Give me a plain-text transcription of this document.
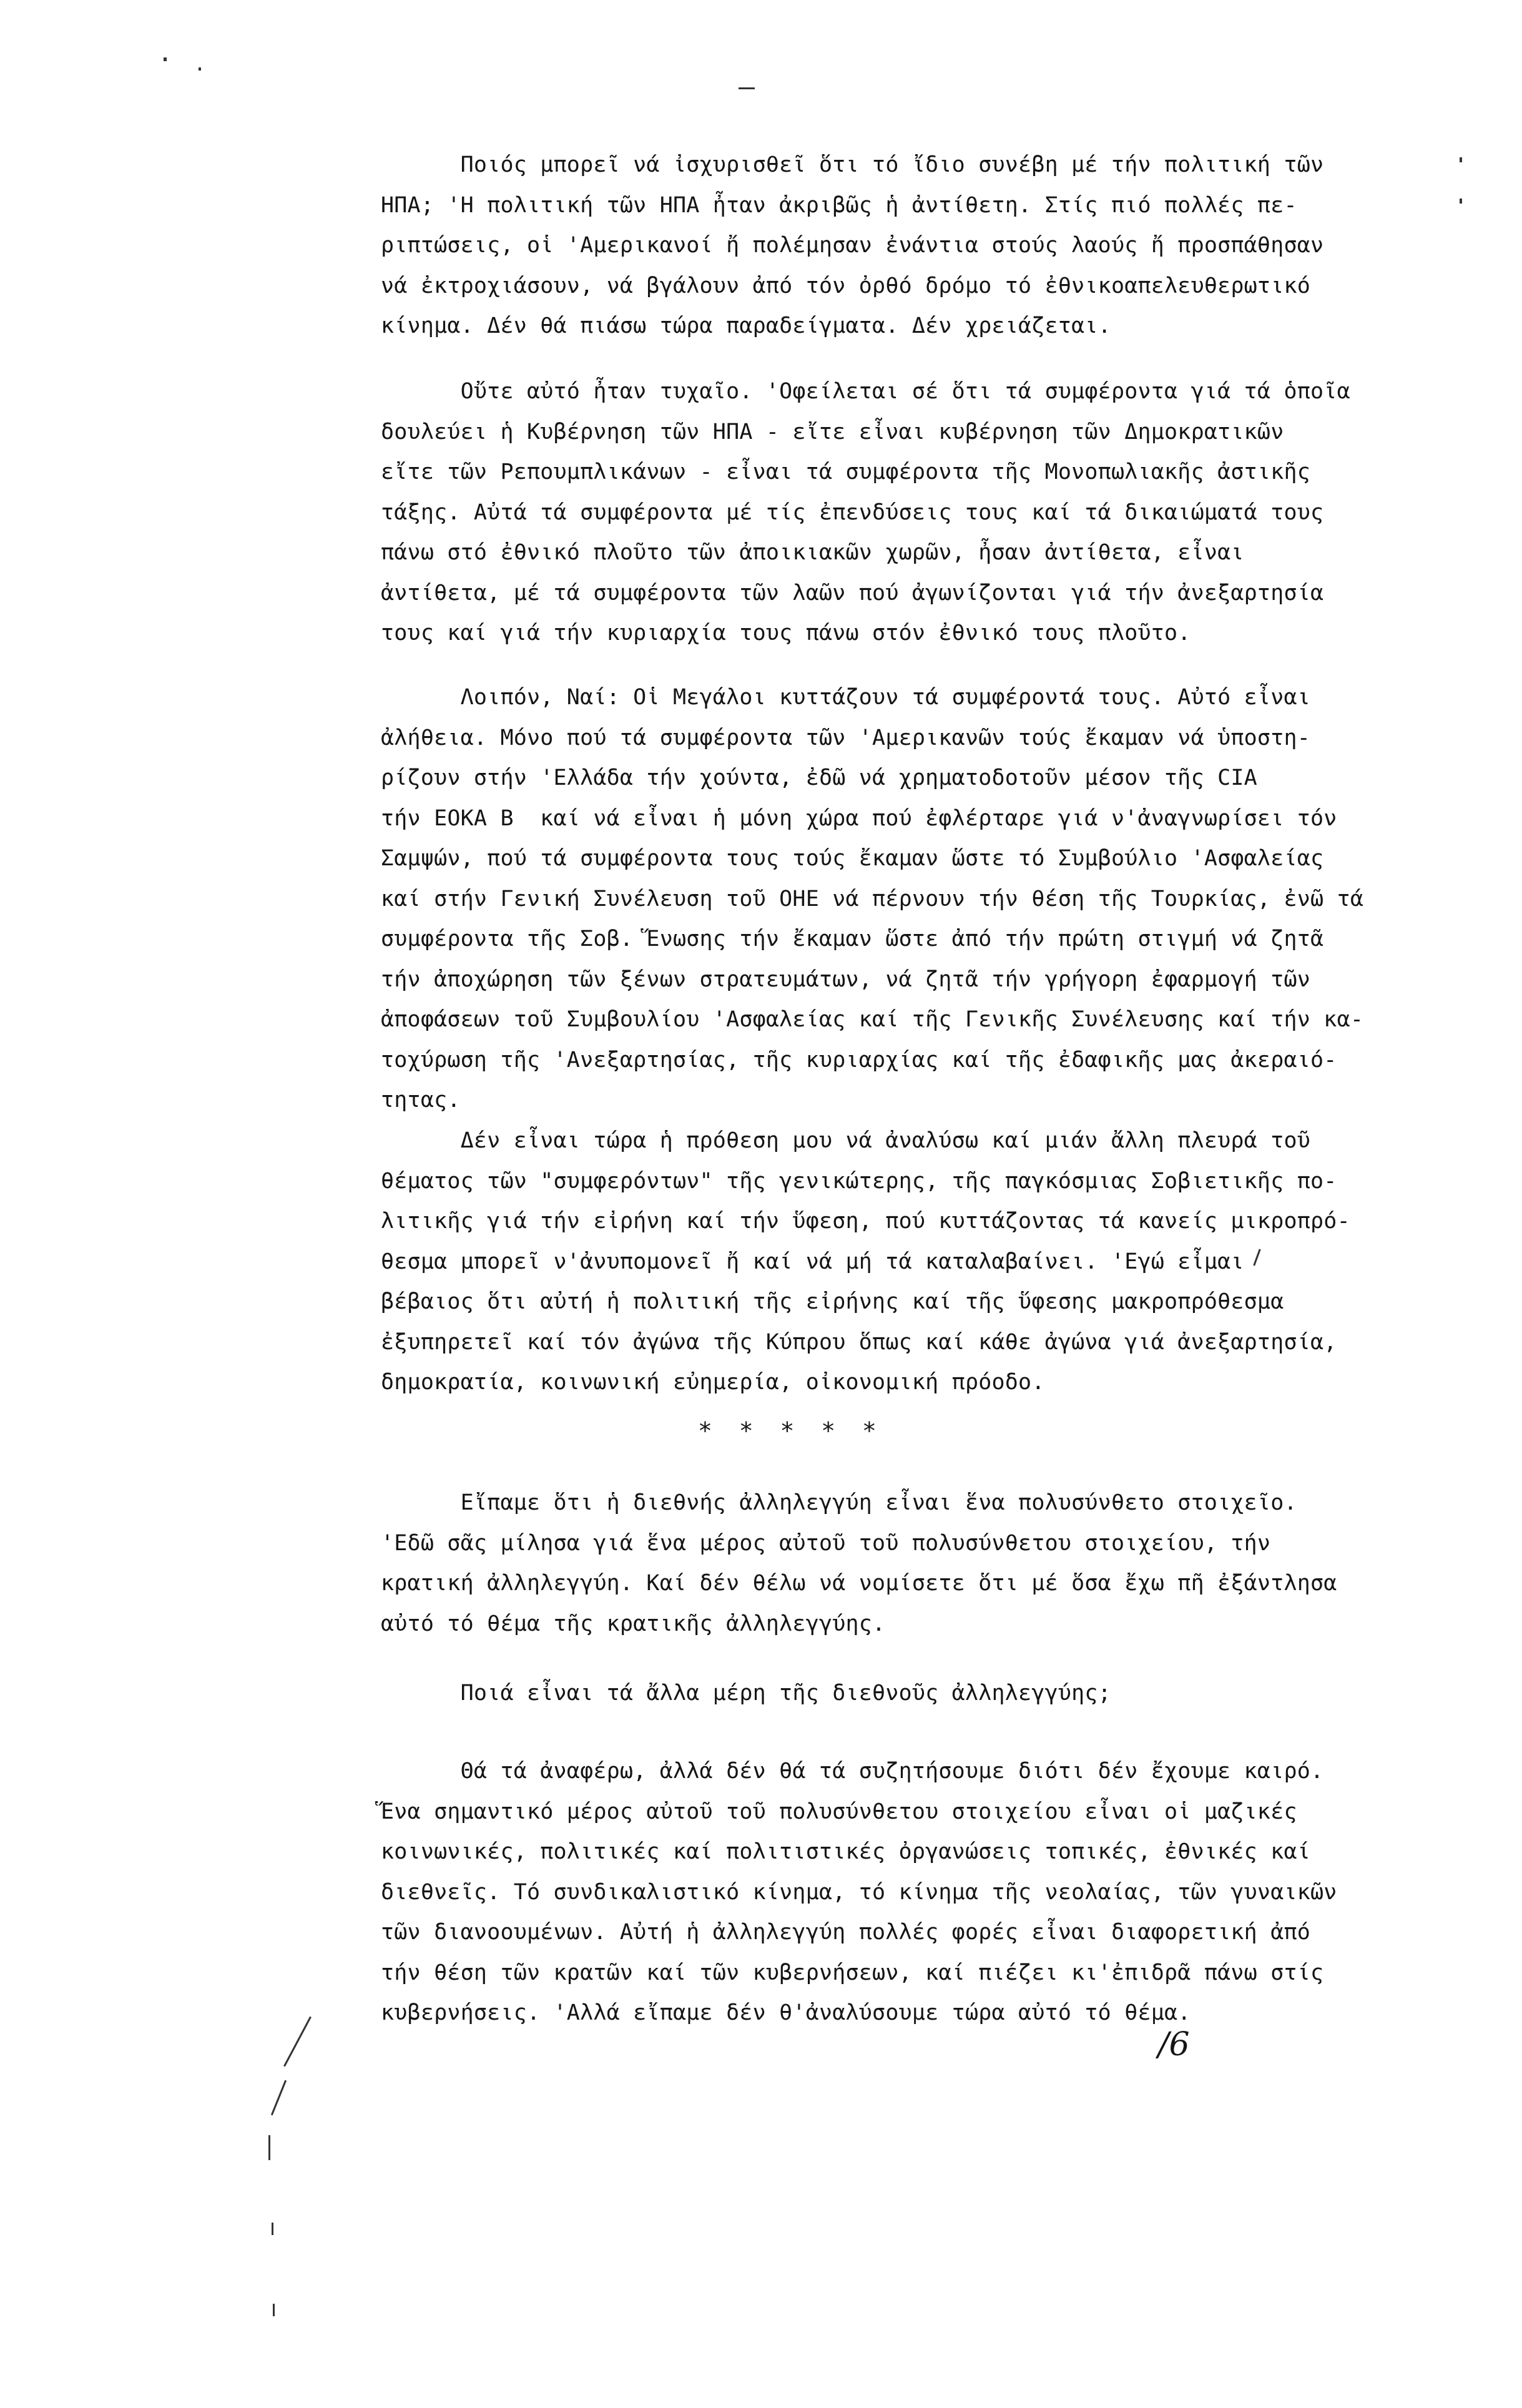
Ποιός μπορεῖ νά ἰσχυρισθεῖ ὅτι τό ἴδιο συνέβη μέ τήν πολιτική τῶν
ΗΠΑ; 'Η πολιτική τῶν ΗΠΑ ἦταν ἀκριβῶς ἡ ἀντίθετη. Στίς πιό πολλές πε-
ριπτώσεις, οἱ 'Αμερικανοί ἤ πολέμησαν ἐνάντια στούς λαούς ἤ προσπάθησαν
νά ἐκτροχιάσουν, νά βγάλουν ἀπό τόν ὀρθό δρόμο τό ἐθνικοαπελευθερωτικό
κίνημα. Δέν θά πιάσω τώρα παραδείγματα. Δέν χρειάζεται.
Οὔτε αὐτό ἦταν τυχαῖο. 'Οφείλεται σέ ὅτι τά συμφέροντα γιά τά ὁποῖα
δουλεύει ἡ Κυβέρνηση τῶν ΗΠΑ - εἴτε εἶναι κυβέρνηση τῶν Δημοκρατικῶν
εἴτε τῶν Ρεπουμπλικάνων - εἶναι τά συμφέροντα τῆς Μονοπωλιακῆς ἀστικῆς
τάξης. Αὐτά τά συμφέροντα μέ τίς ἐπενδύσεις τους καί τά δικαιώματά τους
πάνω στό ἐθνικό πλοῦτο τῶν ἀποικιακῶν χωρῶν, ἦσαν ἀντίθετα, εἶναι
ἀντίθετα, μέ τά συμφέροντα τῶν λαῶν πού ἀγωνίζονται γιά τήν ἀνεξαρτησία
τους καί γιά τήν κυριαρχία τους πάνω στόν ἐθνικό τους πλοῦτο.
Λοιπόν, Ναί: Οἱ Μεγάλοι κυττάζουν τά συμφέροντά τους. Αὐτό εἶναι
ἀλήθεια. Μόνο πού τά συμφέροντα τῶν 'Αμερικανῶν τούς ἔκαμαν νά ὑποστη-
ρίζουν στήν 'Ελλάδα τήν χούντα, ἐδῶ νά χρηματοδοτοῦν μέσον τῆς CIA
τήν ΕΟΚΑ Β  καί νά εἶναι ἡ μόνη χώρα πού ἐφλέρταρε γιά ν'ἀναγνωρίσει τόν
Σαμψών, πού τά συμφέροντα τους τούς ἔκαμαν ὥστε τό Συμβούλιο 'Ασφαλείας
καί στήν Γενική Συνέλευση τοῦ ΟΗΕ νά πέρνουν τήν θέση τῆς Τουρκίας, ἐνῶ τά
συμφέροντα τῆς Σοβ. Ἕνωσης τήν ἔκαμαν ὥστε ἀπό τήν πρώτη στιγμή νά ζητᾶ
τήν ἀποχώρηση τῶν ξένων στρατευμάτων, νά ζητᾶ τήν γρήγορη ἐφαρμογή τῶν
ἀποφάσεων τοῦ Συμβουλίου 'Ασφαλείας καί τῆς Γενικῆς Συνέλευσης καί τήν κα-
τοχύρωση τῆς 'Ανεξαρτησίας, τῆς κυριαρχίας καί τῆς ἐδαφικῆς μας ἀκεραιό-
τητας.
Δέν εἶναι τώρα ἡ πρόθεση μου νά ἀναλύσω καί μιάν ἄλλη πλευρά τοῦ
θέματος τῶν "συμφερόντων" τῆς γενικώτερης, τῆς παγκόσμιας Σοβιετικῆς πο-
λιτικῆς γιά τήν εἰρήνη καί τήν ὕφεση, πού κυττάζοντας τά κανείς μικροπρό-
θεσμα μπορεῖ ν'ἀνυπομονεῖ ἤ καί νά μή τά καταλαβαίνει. 'Εγώ εἶμαι
βέβαιος ὅτι αὐτή ἡ πολιτική τῆς εἰρήνης καί τῆς ὕφεσης μακροπρόθεσμα
ἐξυπηρετεῖ καί τόν ἀγώνα τῆς Κύπρου ὅπως καί κάθε ἀγώνα γιά ἀνεξαρτησία,
δημοκρατία, κοινωνική εὐημερία, οἰκονομική πρόοδο.
* * * * *
Εἴπαμε ὅτι ἡ διεθνής ἀλληλεγγύη εἶναι ἕνα πολυσύνθετο στοιχεῖο.
'Εδῶ σᾶς μίλησα γιά ἕνα μέρος αὐτοῦ τοῦ πολυσύνθετου στοιχείου, τήν
κρατική ἀλληλεγγύη. Καί δέν θέλω νά νομίσετε ὅτι μέ ὅσα ἔχω πῆ ἐξάντλησα
αὐτό τό θέμα τῆς κρατικῆς ἀλληλεγγύης.
Ποιά εἶναι τά ἄλλα μέρη τῆς διεθνοῦς ἀλληλεγγύης;
Θά τά ἀναφέρω, ἀλλά δέν θά τά συζητήσουμε διότι δέν ἔχουμε καιρό.
Ἕνα σημαντικό μέρος αὐτοῦ τοῦ πολυσύνθετου στοιχείου εἶναι οἱ μαζικές
κοινωνικές, πολιτικές καί πολιτιστικές ὀργανώσεις τοπικές, ἐθνικές καί
διεθνεῖς. Τό συνδικαλιστικό κίνημα, τό κίνημα τῆς νεολαίας, τῶν γυναικῶν
τῶν διανοουμένων. Αὐτή ἡ ἀλληλεγγύη πολλές φορές εἶναι διαφορετική ἀπό
τήν θέση τῶν κρατῶν καί τῶν κυβερνήσεων, καί πιέζει κι'ἐπιδρᾶ πάνω στίς
κυβερνήσεις. 'Αλλά εἴπαμε δέν θ'ἀναλύσουμε τώρα αὐτό τό θέμα.
/6
